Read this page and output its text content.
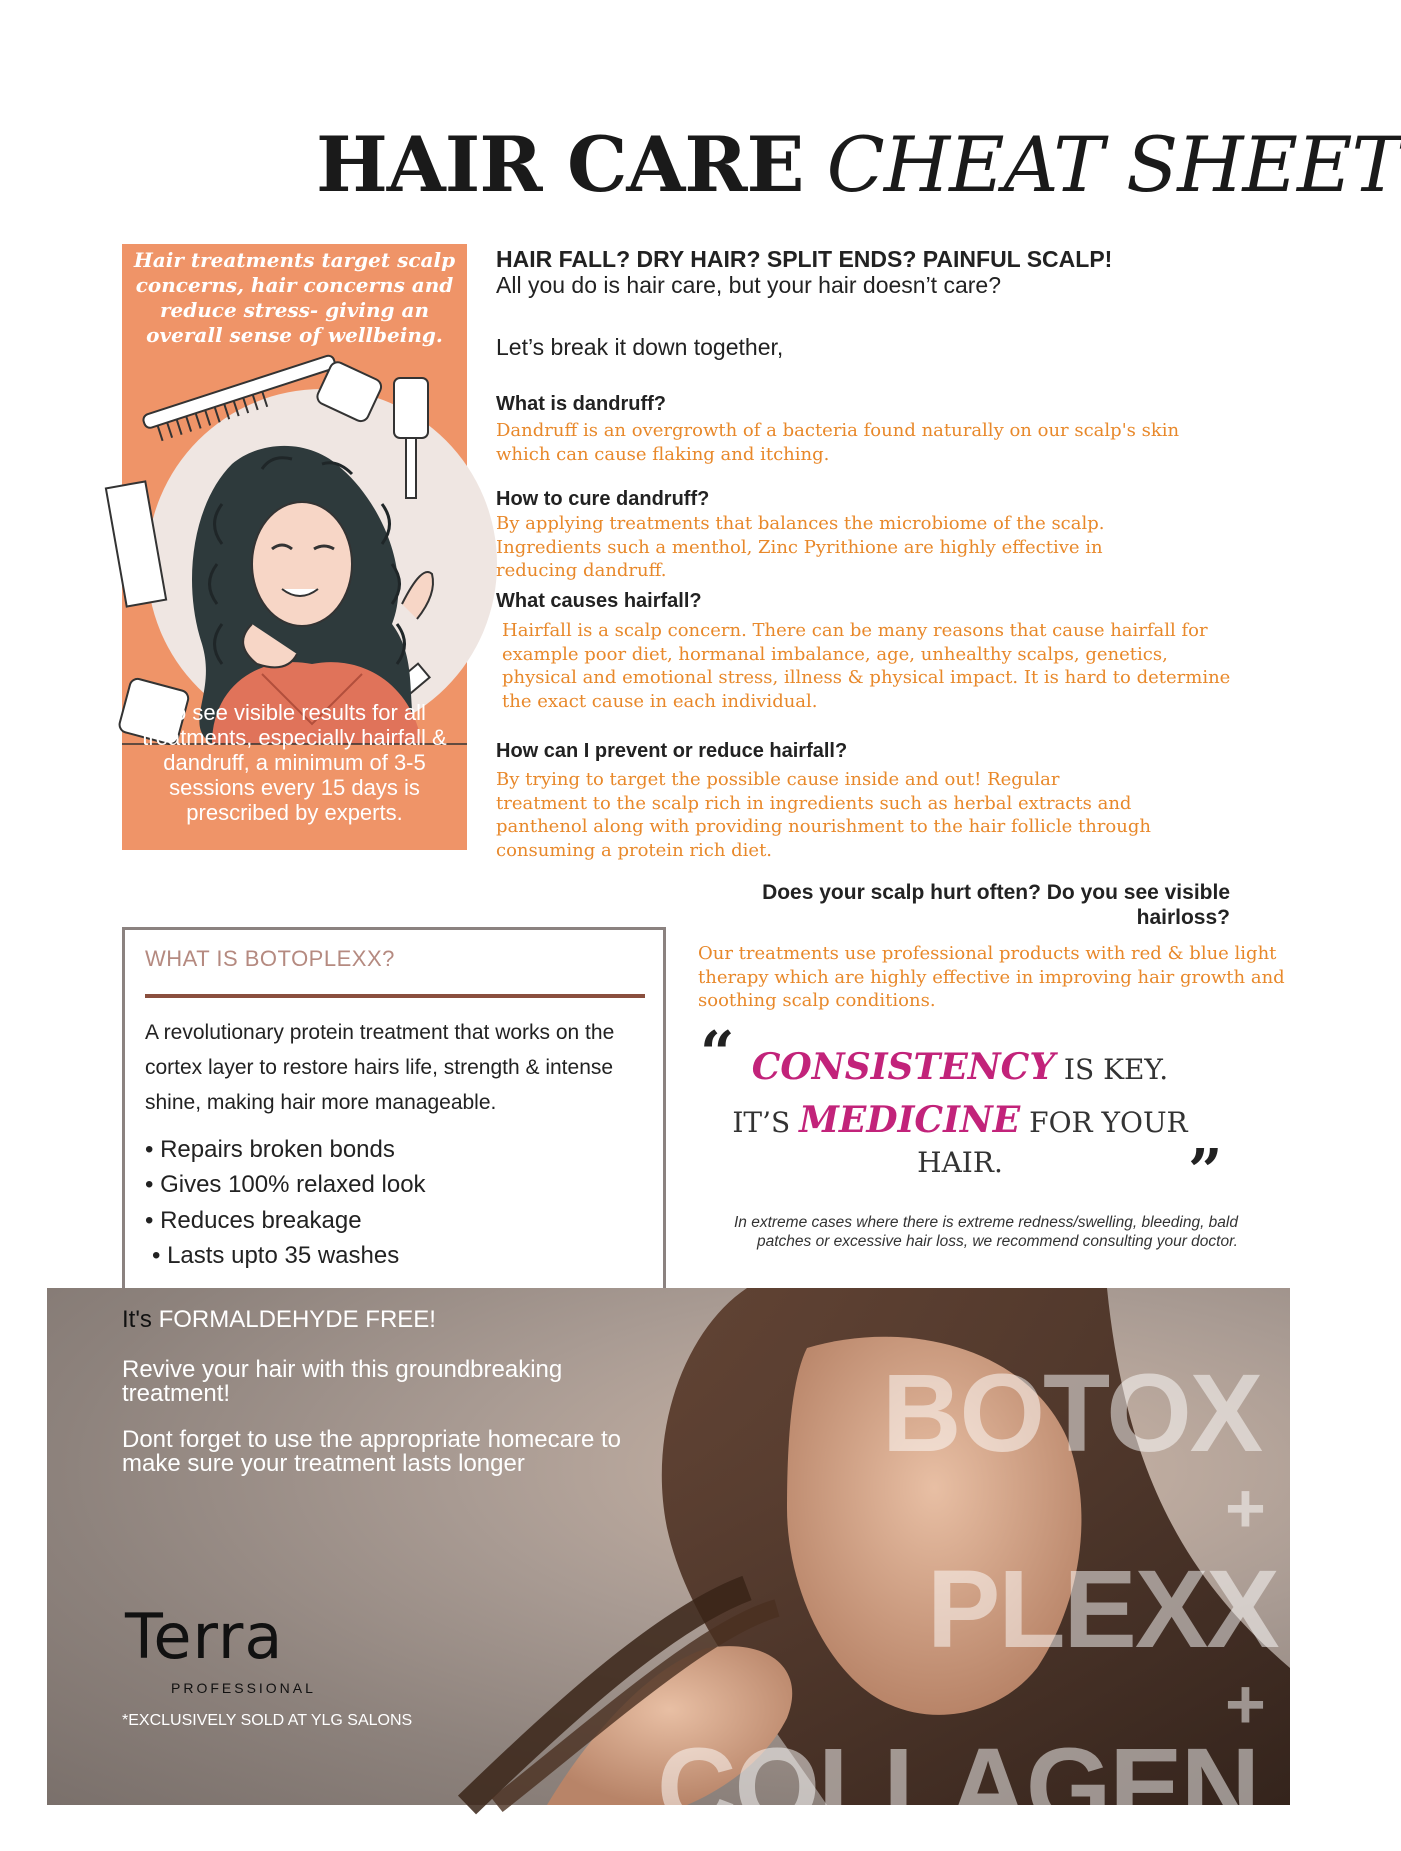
HAIR CARE CHEAT SHEET
Hair treatments target scalp concerns, hair concerns and reduce stress- giving an overall sense of wellbeing.
To see visible results for all treatments, especially hairfall & dandruff, a minimum of 3-5 sessions every 15 days is prescribed by experts.
HAIR FALL? DRY HAIR? SPLIT ENDS? PAINFUL SCALP!
All you do is hair care, but your hair doesn’t care?
Let’s break it down together,
What is dandruff?
Dandruff is an overgrowth of a bacteria found naturally on our scalp's skin which can cause flaking and itching.
How to cure dandruff?
By applying treatments that balances the microbiome of the scalp. Ingredients such a menthol, Zinc Pyrithione are highly effective in reducing dandruff.
What causes hairfall?
Hairfall is a scalp concern. There can be many reasons that cause hairfall for example poor diet, hormanal imbalance, age, unhealthy scalps, genetics, physical and emotional stress, illness & physical impact. It is hard to determine the exact cause in each individual.
How can I prevent or reduce hairfall?
By trying to target the possible cause inside and out! Regular treatment to the scalp rich in ingredients such as herbal extracts and panthenol along with providing nourishment to the hair follicle through consuming a protein rich diet.
WHAT IS BOTOPLEXX?
A revolutionary protein treatment that works on the cortex layer to restore hairs life, strength & intense shine, making hair more manageable.
• Repairs broken bonds
• Gives 100% relaxed look
• Reduces breakage
• Lasts upto 35 washes
Does your scalp hurt often? Do you see visible hairloss?
Our treatments use professional products with red & blue light therapy which are highly effective in improving hair growth and soothing scalp conditions.
“ CONSISTENCY IS KEY.
IT’S MEDICINE FOR YOUR
HAIR.	”
In extreme cases where there is extreme redness/swelling, bleeding, bald patches or excessive hair loss, we recommend consulting your doctor.
It's FORMALDEHYDE FREE!
Revive your hair with this groundbreaking treatment!
Dont forget to use the appropriate homecare to make sure your treatment lasts longer	BOTOX
+
PLEXX
+
COLLAGEN
Terra
PROFESSIONAL
*EXCLUSIVELY SOLD AT YLG SALONS
